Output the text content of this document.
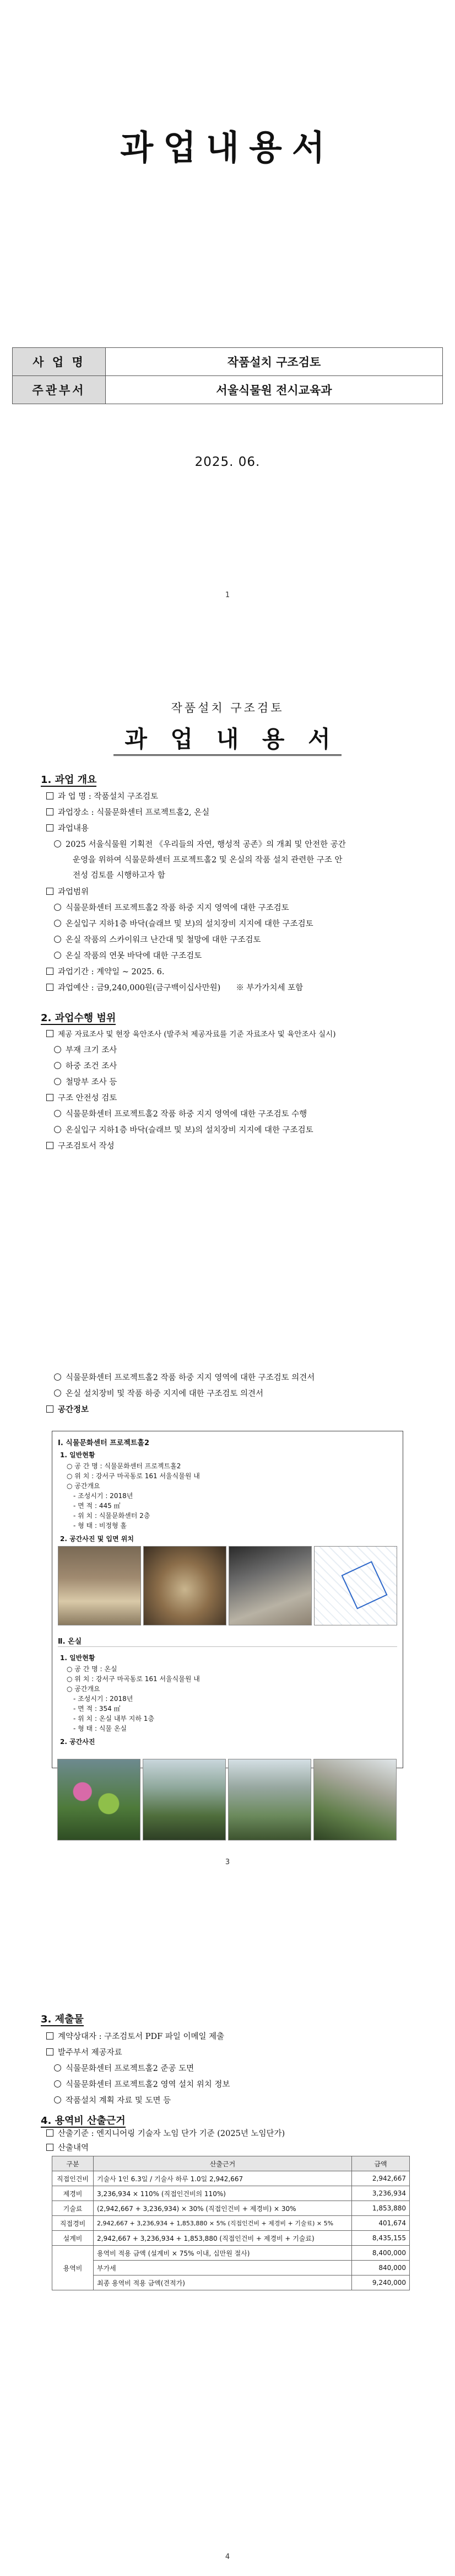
과업내용서
사 업 명	작품설치 구조검토
주관부서	서울식물원 전시교육과
2025. 06.
1
작품설치 구조검토
과 업 내 용 서
1. 과업 개요
과 업 명 : 작품설치 구조검토
과업장소 : 식물문화센터 프로젝트홀2, 온실
과업내용
2025 서울식물원 기획전 《우리들의 자연, 행성적 공존》의 개최 및 안전한 공간
운영을 위하여 식물문화센터 프로젝트홀2 및 온실의 작품 설치 관련한 구조 안
전성 검토를 시행하고자 함
과업범위
식물문화센터 프로젝트홀2 작품 하중 지지 영역에 대한 구조검토
온실입구 지하1층 바닥(슬래브 및 보)의 설치장비 지지에 대한 구조검토
온실 작품의 스카이워크 난간대 및 철망에 대한 구조검토
온실 작품의 연못 바닥에 대한 구조검토
과업기간 : 계약일 ~ 2025. 6.
과업예산 : 금9,240,000원(금구백이십사만원) ※ 부가가치세 포함
2. 과업수행 범위
제공 자료조사 및 현장 육안조사 (발주처 제공자료를 기준 자료조사 및 육안조사 실시)
부재 크기 조사
하중 조건 조사
철망부 조사 등
구조 안전성 검토
식물문화센터 프로젝트홀2 작품 하중 지지 영역에 대한 구조검토 수행
온실입구 지하1층 바닥(슬래브 및 보)의 설치장비 지지에 대한 구조검토
구조검토서 작성
식물문화센터 프로젝트홀2 작품 하중 지지 영역에 대한 구조검토 의견서
온실 설치장비 및 작품 하중 지지에 대한 구조검토 의견서
공간정보
Ⅰ. 식물문화센터 프로젝트홀2
1. 일반현황
○ 공 간 명 : 식물문화센터 프로젝트홀2
○ 위 치 : 강서구 마곡동로 161 서울식물원 내
○ 공간개요
- 조성시기 : 2018년
- 면 적 : 445 ㎡
- 위 치 : 식물문화센터 2층
- 형 태 : 비정형 홀
2. 공간사진 및 입면 위치
Ⅱ. 온실
1. 일반현황
○ 공 간 명 : 온실
○ 위 치 : 강서구 마곡동로 161 서울식물원 내
○ 공간개요
- 조성시기 : 2018년
- 면 적 : 354 ㎡
- 위 치 : 온실 내부 지하 1층
- 형 태 : 식물 온실
2. 공간사진
3
3. 제출물
계약상대자 : 구조검토서 PDF 파일 이메일 제출
발주부서 제공자료
식물문화센터 프로젝트홀2 준공 도면
식물문화센터 프로젝트홀2 영역 설치 위치 정보
작품설치 계획 자료 및 도면 등
4. 용역비 산출근거
산출기준 : 엔지니어링 기술자 노임 단가 기준 (2025년 노임단가)
산출내역
구분	산출근거	금액
직접인건비	기술사 1인 6.3일 / 기술사 하루 1.0일 2,942,667	2,942,667
제경비	3,236,934 × 110% (직접인건비의 110%)	3,236,934
기술료	(2,942,667 + 3,236,934) × 30% (직접인건비 + 제경비) × 30%	1,853,880
직접경비	2,942,667 + 3,236,934 + 1,853,880 × 5% (직접인건비 + 제경비 + 기술료) × 5%	401,674
설계비	2,942,667 + 3,236,934 + 1,853,880 (직접인건비 + 제경비 + 기술료)	8,435,155
용역비	용역비 적용 금액 (설계비 × 75% 이내, 십만원 절사)	8,400,000
	부가세	840,000
	최종 용역비 적용 금액(견적가)	9,240,000
4
